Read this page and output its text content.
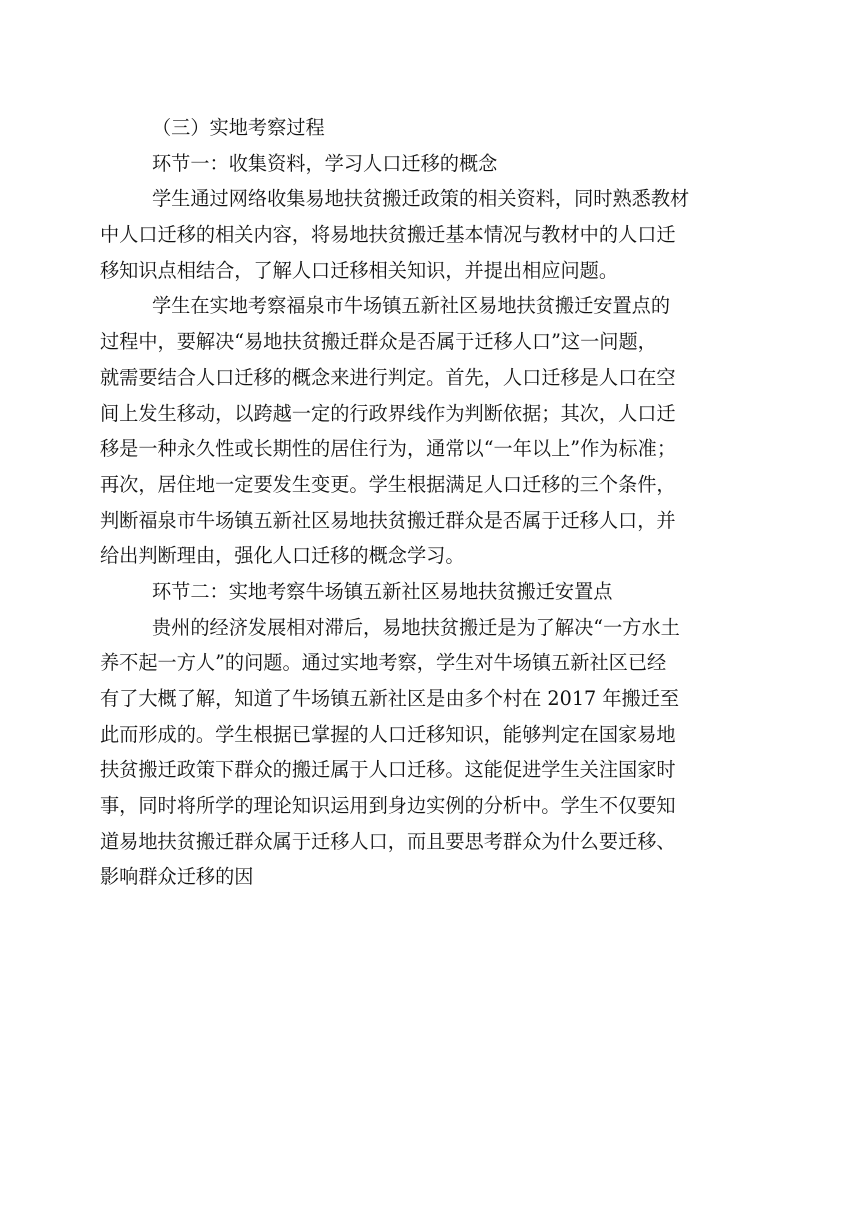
（三）实地考察过程
环节一：收集资料，学习人口迁移的概念
学生通过网络收集易地扶贫搬迁政策的相关资料，同时熟悉教材
中人口迁移的相关内容，将易地扶贫搬迁基本情况与教材中的人口迁
移知识点相结合，了解人口迁移相关知识，并提出相应问题。
学生在实地考察福泉市牛场镇五新社区易地扶贫搬迁安置点的
过程中，要解决“易地扶贫搬迁群众是否属于迁移人口”这一问题，
就需要结合人口迁移的概念来进行判定。首先，人口迁移是人口在空
间上发生移动，以跨越一定的行政界线作为判断依据；其次，人口迁
移是一种永久性或长期性的居住行为，通常以“一年以上”作为标准；
再次，居住地一定要发生变更。学生根据满足人口迁移的三个条件，
判断福泉市牛场镇五新社区易地扶贫搬迁群众是否属于迁移人口，并
给出判断理由，强化人口迁移的概念学习。
环节二：实地考察牛场镇五新社区易地扶贫搬迁安置点
贵州的经济发展相对滞后，易地扶贫搬迁是为了解决“一方水土
养不起一方人”的问题。通过实地考察，学生对牛场镇五新社区已经
有了大概了解，知道了牛场镇五新社区是由多个村在 2017 年搬迁至
此而形成的。学生根据已掌握的人口迁移知识，能够判定在国家易地
扶贫搬迁政策下群众的搬迁属于人口迁移。这能促进学生关注国家时
事，同时将所学的理论知识运用到身边实例的分析中。学生不仅要知
道易地扶贫搬迁群众属于迁移人口，而且要思考群众为什么要迁移、
影响群众迁移的因
